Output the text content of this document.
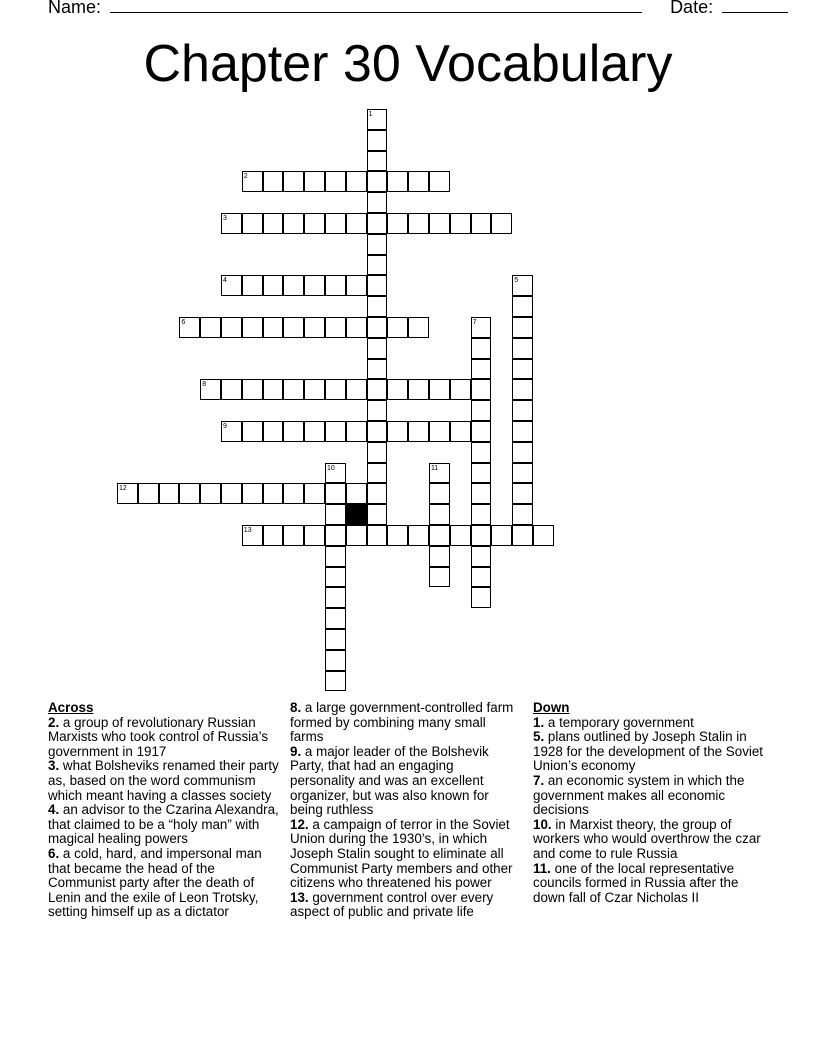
Name:	Date:
Chapter 30 Vocabulary
1
2
3
4	5
6	7
8
9
10	11
12
13
Across
2. a group of revolutionary Russian Marxists who took control of Russia’s government in 1917
3. what Bolsheviks renamed their party as, based on the word communism which meant having a classes society
4. an advisor to the Czarina Alexandra, that claimed to be a “holy man” with magical healing powers
6. a cold, hard, and impersonal man that became the head of the Communist party after the death of Lenin and the exile of Leon Trotsky, setting himself up as a dictator
8. a large government-controlled farm formed by combining many small farms
9. a major leader of the Bolshevik Party, that had an engaging personality and was an excellent organizer, but was also known for being ruthless
12. a campaign of terror in the Soviet Union during the 1930’s, in which Joseph Stalin sought to eliminate all Communist Party members and other citizens who threatened his power
13. government control over every aspect of public and private life
Down
1. a temporary government
5. plans outlined by Joseph Stalin in 1928 for the development of the Soviet Union’s economy
7. an economic system in which the government makes all economic decisions
10. in Marxist theory, the group of workers who would overthrow the czar and come to rule Russia
11. one of the local representative councils formed in Russia after the down fall of Czar Nicholas II
